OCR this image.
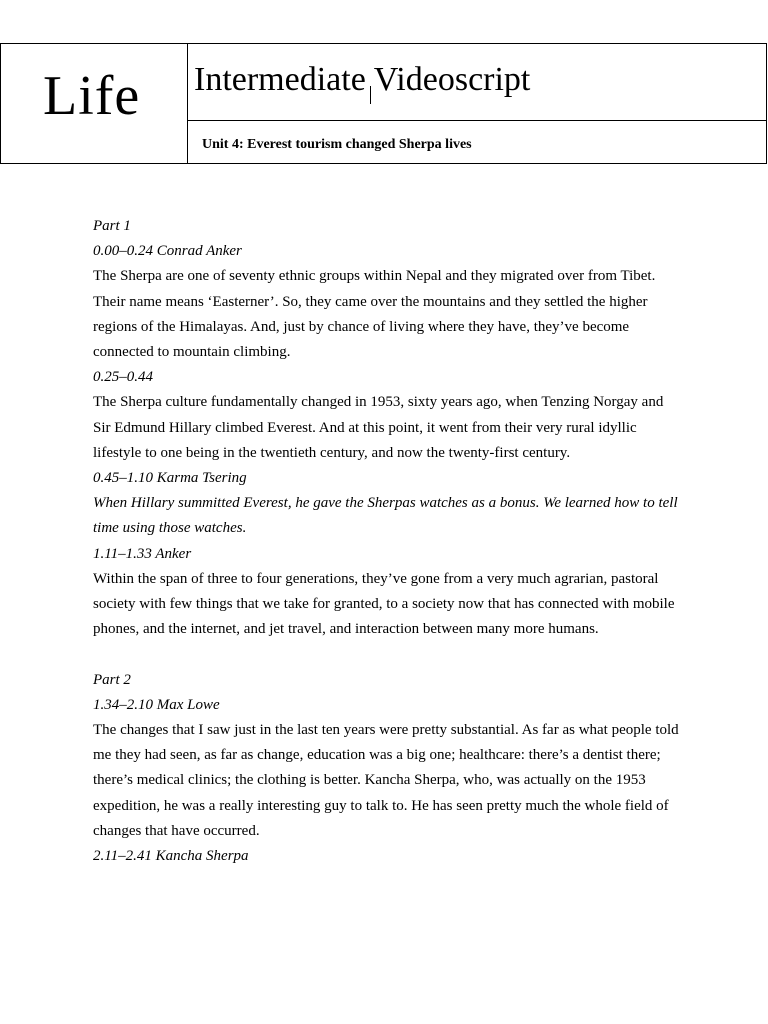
Life Intermediate Videoscript
Unit 4: Everest tourism changed Sherpa lives

Part 1

0.00–0.24 Conrad Anker

The Sherpa are one of seventy ethnic groups within Nepal and they migrated over from Tibet. Their name means ‘Easterner’. So, they came over the mountains and they settled the higher regions of the Himalayas. And, just by chance of living where they have, they’ve become connected to mountain climbing.

0.25–0.44

The Sherpa culture fundamentally changed in 1953, sixty years ago, when Tenzing Norgay and Sir Edmund Hillary climbed Everest. And at this point, it went from their very rural idyllic lifestyle to one being in the twentieth century, and now the twenty-first century.

0.45–1.10 Karma Tsering

When Hillary summitted Everest, he gave the Sherpas watches as a bonus. We learned how to tell time using those watches.

1.11–1.33 Anker

Within the span of three to four generations, they’ve gone from a very much agrarian, pastoral society with few things that we take for granted, to a society now that has connected with mobile phones, and the internet, and jet travel, and interaction between many more humans.

Part 2

1.34–2.10 Max Lowe

The changes that I saw just in the last ten years were pretty substantial. As far as what people told me they had seen, as far as change, education was a big one; healthcare: there’s a dentist there; there’s medical clinics; the clothing is better. Kancha Sherpa, who, was actually on the 1953 expedition, he was a really interesting guy to talk to. He has seen pretty much the whole field of changes that have occurred.

2.11–2.41 Kancha Sherpa
